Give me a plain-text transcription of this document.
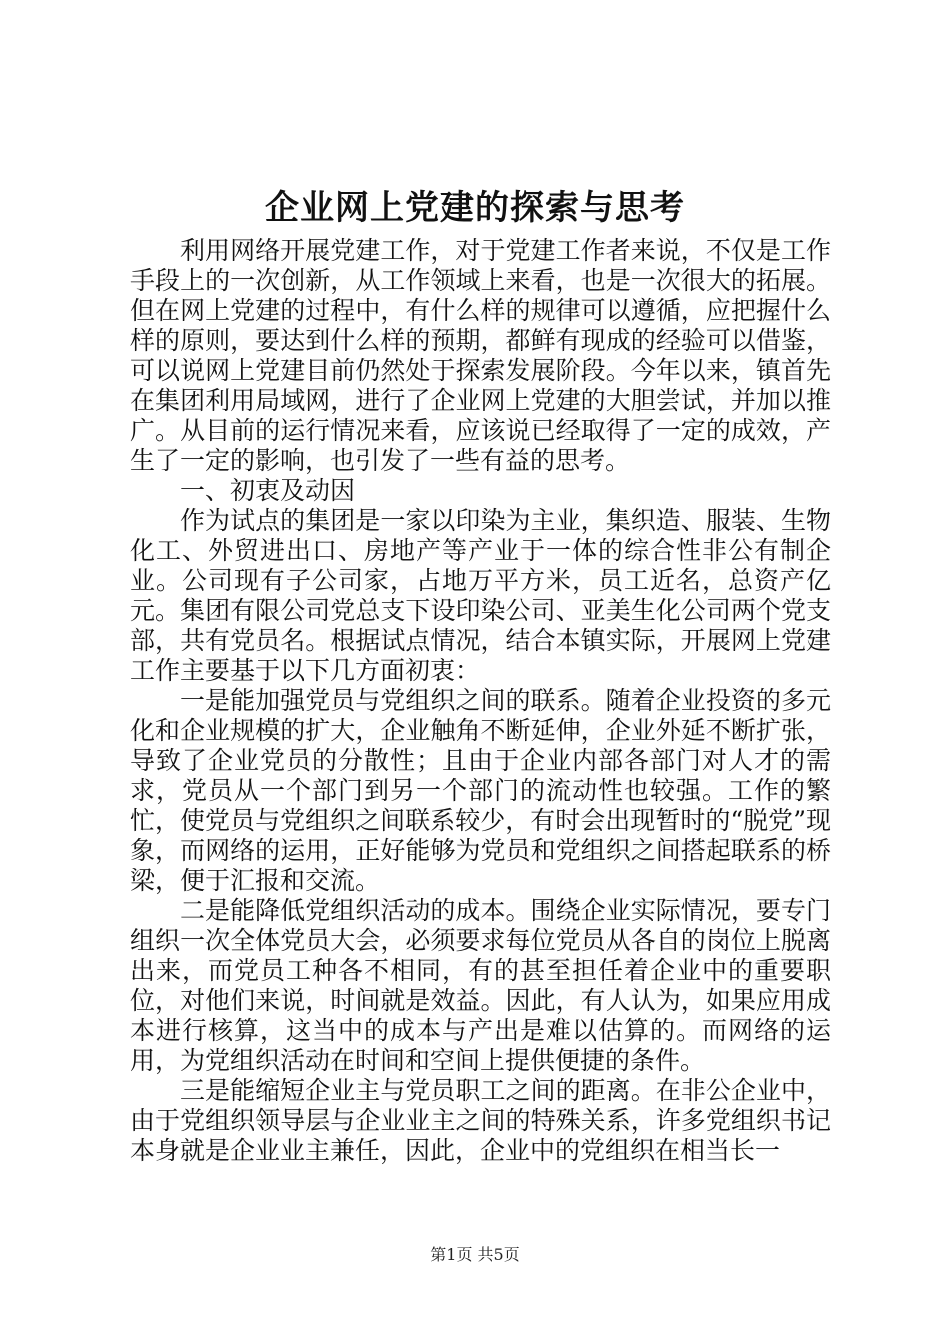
企业网上党建的探索与思考

利用网络开展党建工作，对于党建工作者来说，不仅是工作手段上的一次创新，从工作领域上来看，也是一次很大的拓展。但在网上党建的过程中，有什么样的规律可以遵循，应把握什么样的原则，要达到什么样的预期，都鲜有现成的经验可以借鉴，可以说网上党建目前仍然处于探索发展阶段。今年以来，镇首先在集团利用局域网，进行了企业网上党建的大胆尝试，并加以推广。从目前的运行情况来看，应该说已经取得了一定的成效，产生了一定的影响，也引发了一些有益的思考。

一、初衷及动因

作为试点的集团是一家以印染为主业，集织造、服装、生物化工、外贸进出口、房地产等产业于一体的综合性非公有制企业。公司现有子公司家，占地万平方米，员工近名，总资产亿元。集团有限公司党总支下设印染公司、亚美生化公司两个党支部，共有党员名。根据试点情况，结合本镇实际，开展网上党建工作主要基于以下几方面初衷：

一是能加强党员与党组织之间的联系。随着企业投资的多元化和企业规模的扩大，企业触角不断延伸，企业外延不断扩张，导致了企业党员的分散性；且由于企业内部各部门对人才的需求，党员从一个部门到另一个部门的流动性也较强。工作的繁忙，使党员与党组织之间联系较少，有时会出现暂时的“脱党”现象，而网络的运用，正好能够为党员和党组织之间搭起联系的桥梁，便于汇报和交流。

二是能降低党组织活动的成本。围绕企业实际情况，要专门组织一次全体党员大会，必须要求每位党员从各自的岗位上脱离出来，而党员工种各不相同，有的甚至担任着企业中的重要职位，对他们来说，时间就是效益。因此，有人认为，如果应用成本进行核算，这当中的成本与产出是难以估算的。而网络的运用，为党组织活动在时间和空间上提供便捷的条件。

三是能缩短企业主与党员职工之间的距离。在非公企业中，由于党组织领导层与企业业主之间的特殊关系，许多党组织书记本身就是企业业主兼任，因此，企业中的党组织在相当长一

第1页 共5页
